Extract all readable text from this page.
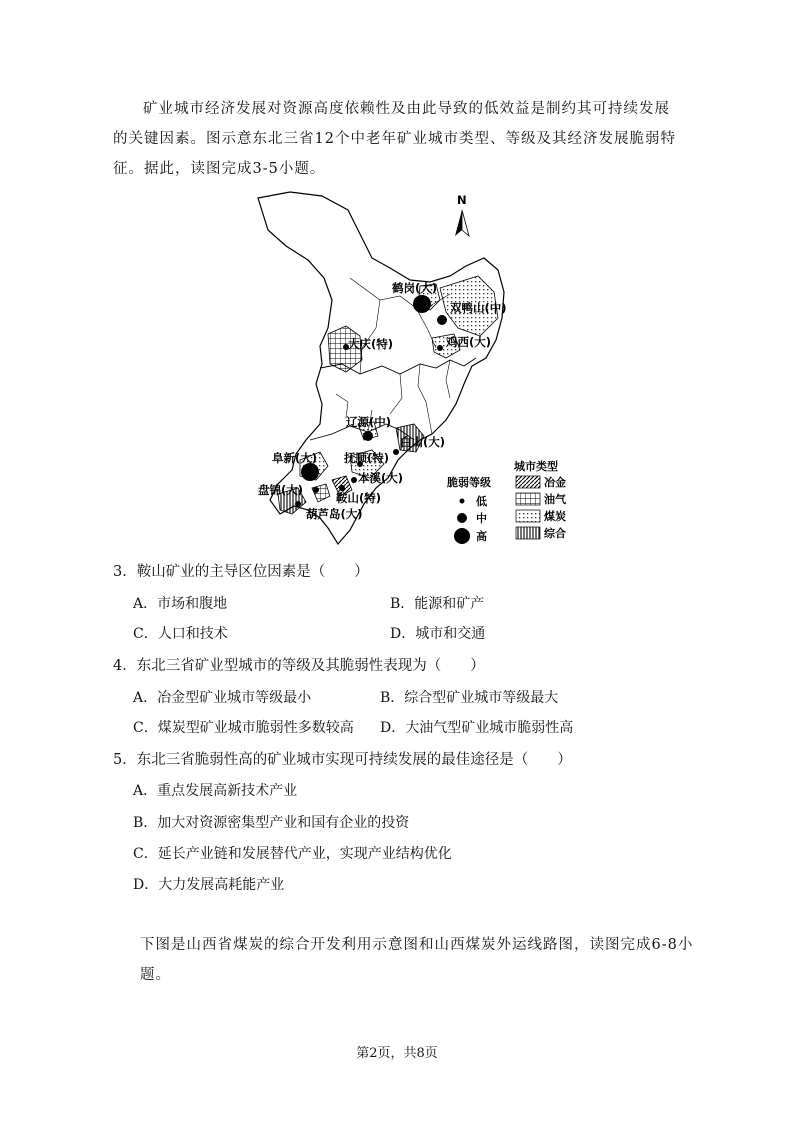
矿业城市经济发展对资源高度依赖性及由此导致的低效益是制约其可持续发展的关键因素。图示意东北三省12个中老年矿业城市类型、等级及其经济发展脆弱特征。据此，读图完成3-5小题。
N
鹤岗(大)
双鸭山(中)
鸡西(大)
大庆(特)
辽源(中)
白山(大)
阜新(大) 抚顺(特)
本溪(大)
盘锦(大)
鞍山(特)
葫芦岛(大)
脆弱等级
低
中
高
城市类型
冶金
油气
煤炭
综合
3．鞍山矿业的主导区位因素是（　　）
A．市场和腹地	B．能源和矿产
C．人口和技术	D．城市和交通
4．东北三省矿业型城市的等级及其脆弱性表现为（　　）
A．冶金型矿业城市等级最小	B．综合型矿业城市等级最大
C．煤炭型矿业城市脆弱性多数较高 D．大油气型矿业城市脆弱性高
5．东北三省脆弱性高的矿业城市实现可持续发展的最佳途径是（　　）
A．重点发展高新技术产业
B．加大对资源密集型产业和国有企业的投资
C．延长产业链和发展替代产业，实现产业结构优化
D．大力发展高耗能产业
下图是山西省煤炭的综合开发利用示意图和山西煤炭外运线路图，读图完成6-8小题。
第2页，共8页
